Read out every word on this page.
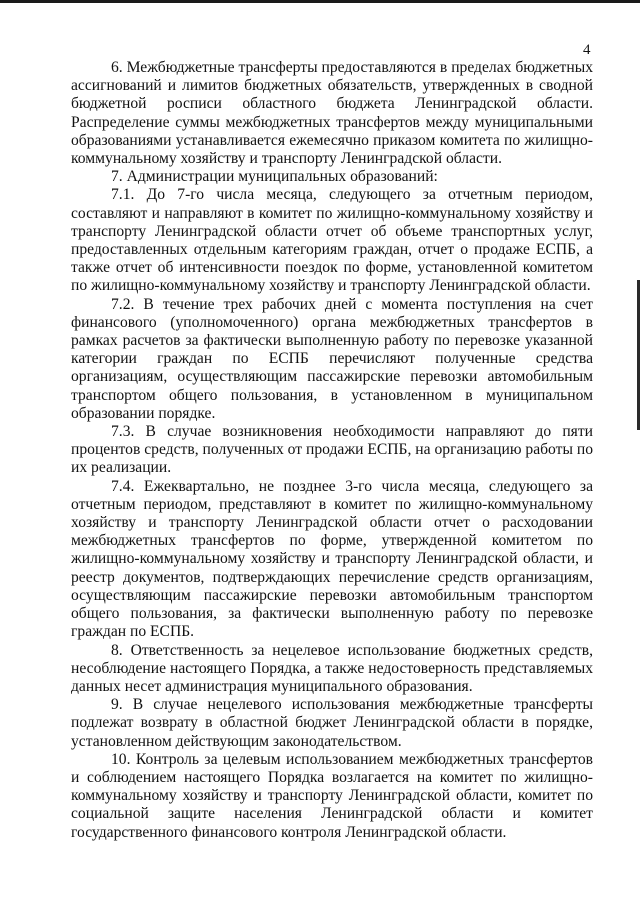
4

6. Межбюджетные трансферты предоставляются в пределах бюджетных ассигнований и лимитов бюджетных обязательств, утвержденных в сводной бюджетной росписи областного бюджета Ленинградской области. Распределение суммы межбюджетных трансфертов между муниципальными образованиями устанавливается ежемесячно приказом комитета по жилищно-коммунальному хозяйству и транспорту Ленинградской области.

7. Администрации муниципальных образований:

7.1. До 7-го числа месяца, следующего за отчетным периодом, составляют и направляют в комитет по жилищно-коммунальному хозяйству и транспорту Ленинградской области отчет об объеме транспортных услуг, предоставленных отдельным категориям граждан, отчет о продаже ЕСПБ, а также отчет об интенсивности поездок по форме, установленной комитетом по жилищно-коммунальному хозяйству и транспорту Ленинградской области.

7.2. В течение трех рабочих дней с момента поступления на счет финансового (уполномоченного) органа межбюджетных трансфертов в рамках расчетов за фактически выполненную работу по перевозке указанной категории граждан по ЕСПБ перечисляют полученные средства организациям, осуществляющим пассажирские перевозки автомобильным транспортом общего пользования, в установленном в муниципальном образовании порядке.

7.3. В случае возникновения необходимости направляют до пяти процентов средств, полученных от продажи ЕСПБ, на организацию работы по их реализации.

7.4. Ежеквартально, не позднее 3-го числа месяца, следующего за отчетным периодом, представляют в комитет по жилищно-коммунальному хозяйству и транспорту Ленинградской области отчет о расходовании межбюджетных трансфертов по форме, утвержденной комитетом по жилищно-коммунальному хозяйству и транспорту Ленинградской области, и реестр документов, подтверждающих перечисление средств организациям, осуществляющим пассажирские перевозки автомобильным транспортом общего пользования, за фактически выполненную работу по перевозке граждан по ЕСПБ.

8. Ответственность за нецелевое использование бюджетных средств, несоблюдение настоящего Порядка, а также недостоверность представляемых данных несет администрация муниципального образования.

9. В случае нецелевого использования межбюджетные трансферты подлежат возврату в областной бюджет Ленинградской области в порядке, установленном действующим законодательством.

10. Контроль за целевым использованием межбюджетных трансфертов и соблюдением настоящего Порядка возлагается на комитет по жилищно-коммунальному хозяйству и транспорту Ленинградской области, комитет по социальной защите населения Ленинградской области и комитет государственного финансового контроля Ленинградской области.
